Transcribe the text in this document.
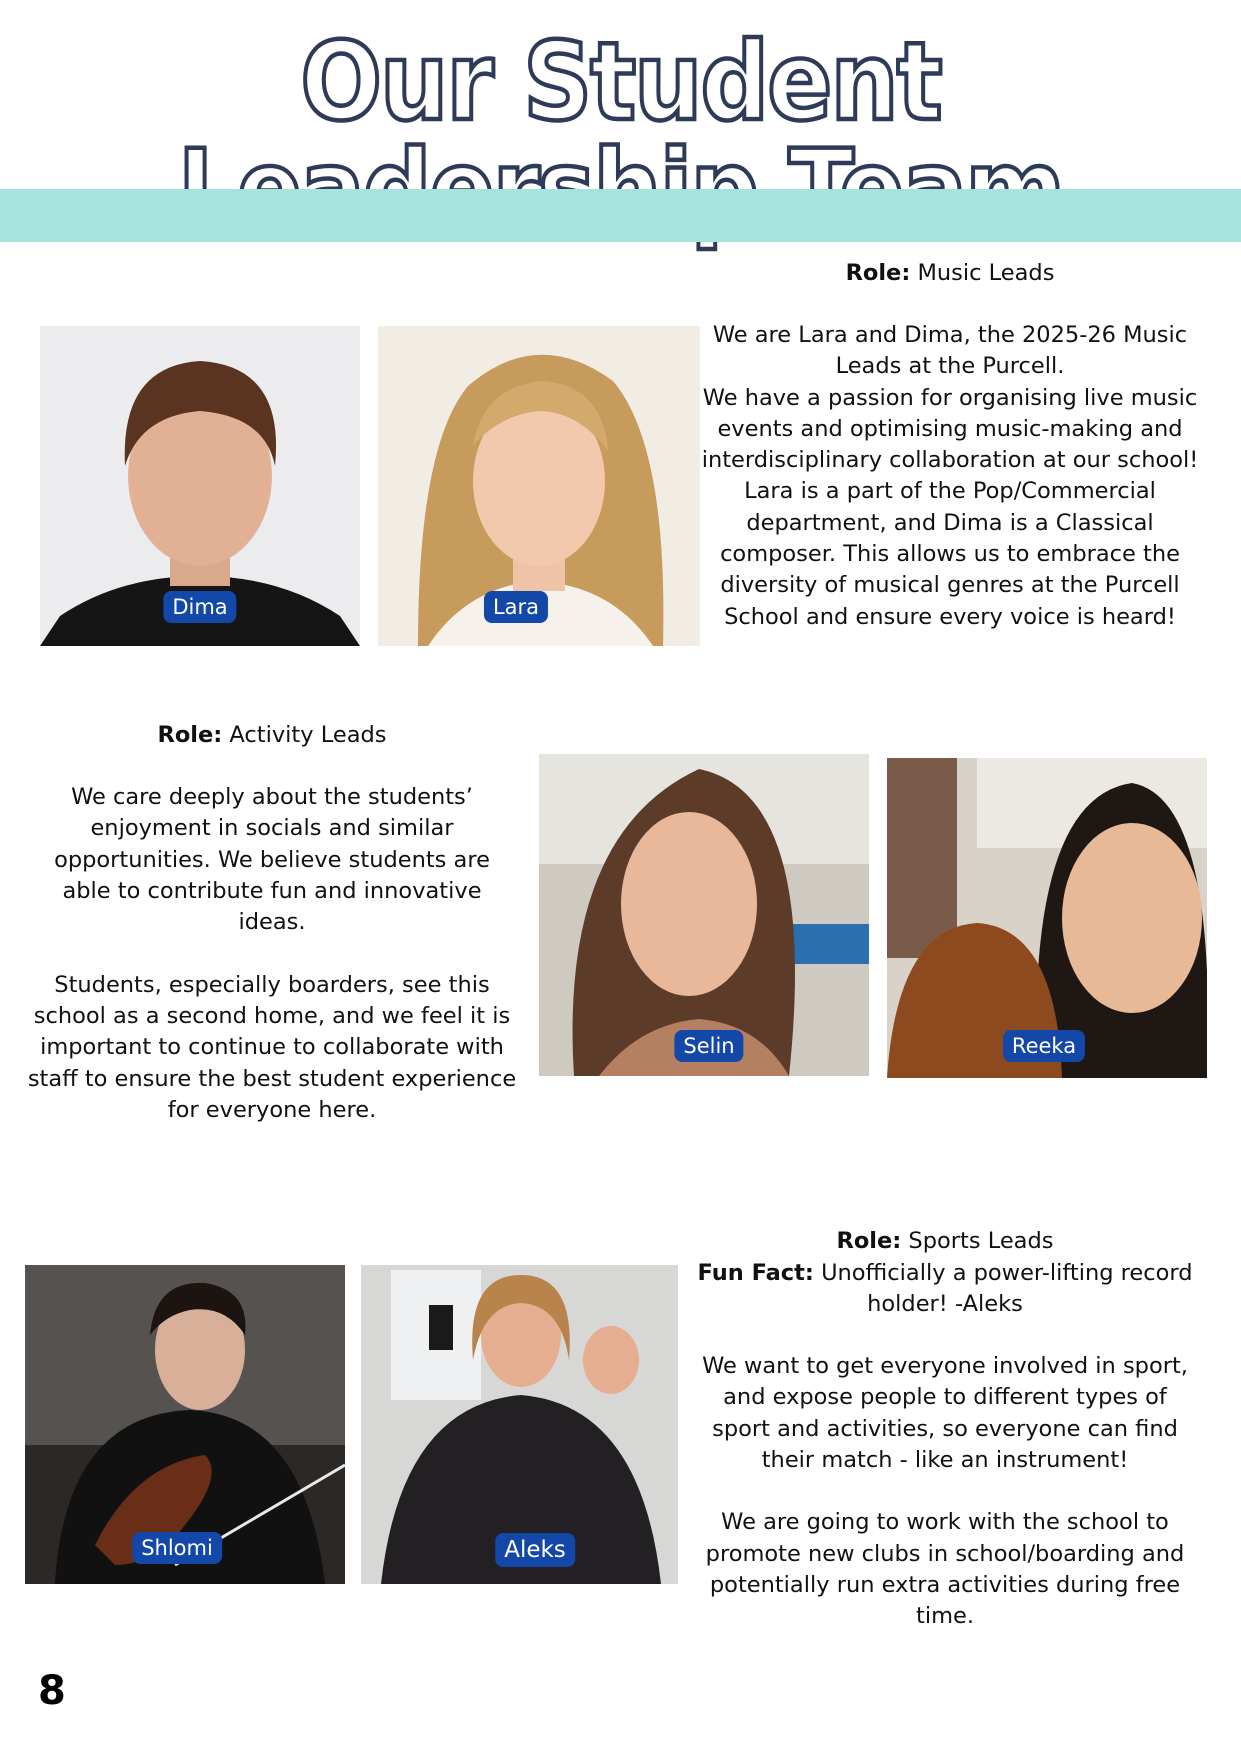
Our Student
Dima	Lara
Role: Music Leads

We are Lara and Dima, the 2025-26 Music

Leads at the Purcell.

We have a passion for organising live music

events and optimising music-making and

interdisciplinary collaboration at our school!

Lara is a part of the Pop/Commercial

department, and Dima is a Classical

composer. This allows us to embrace the

diversity of musical genres at the Purcell

School and ensure every voice is heard!

Role: Activity Leads

We care deeply about the students’

enjoyment in socials and similar

opportunities. We believe students are

able to contribute fun and innovative

ideas.

Students, especially boarders, see this

school as a second home, and we feel it is

important to continue to collaborate with

staff to ensure the best student experience

for everyone here.

Selin	Reeka
Role: Sports Leads

Fun Fact: Unofficially a power-lifting record

holder! -Aleks

We want to get everyone involved in sport,

and expose people to different types of

sport and activities, so everyone can find

their match - like an instrument!

We are going to work with the school to

promote new clubs in school/boarding and

potentially run extra activities during free

time.

Shlomi	Aleks
8
